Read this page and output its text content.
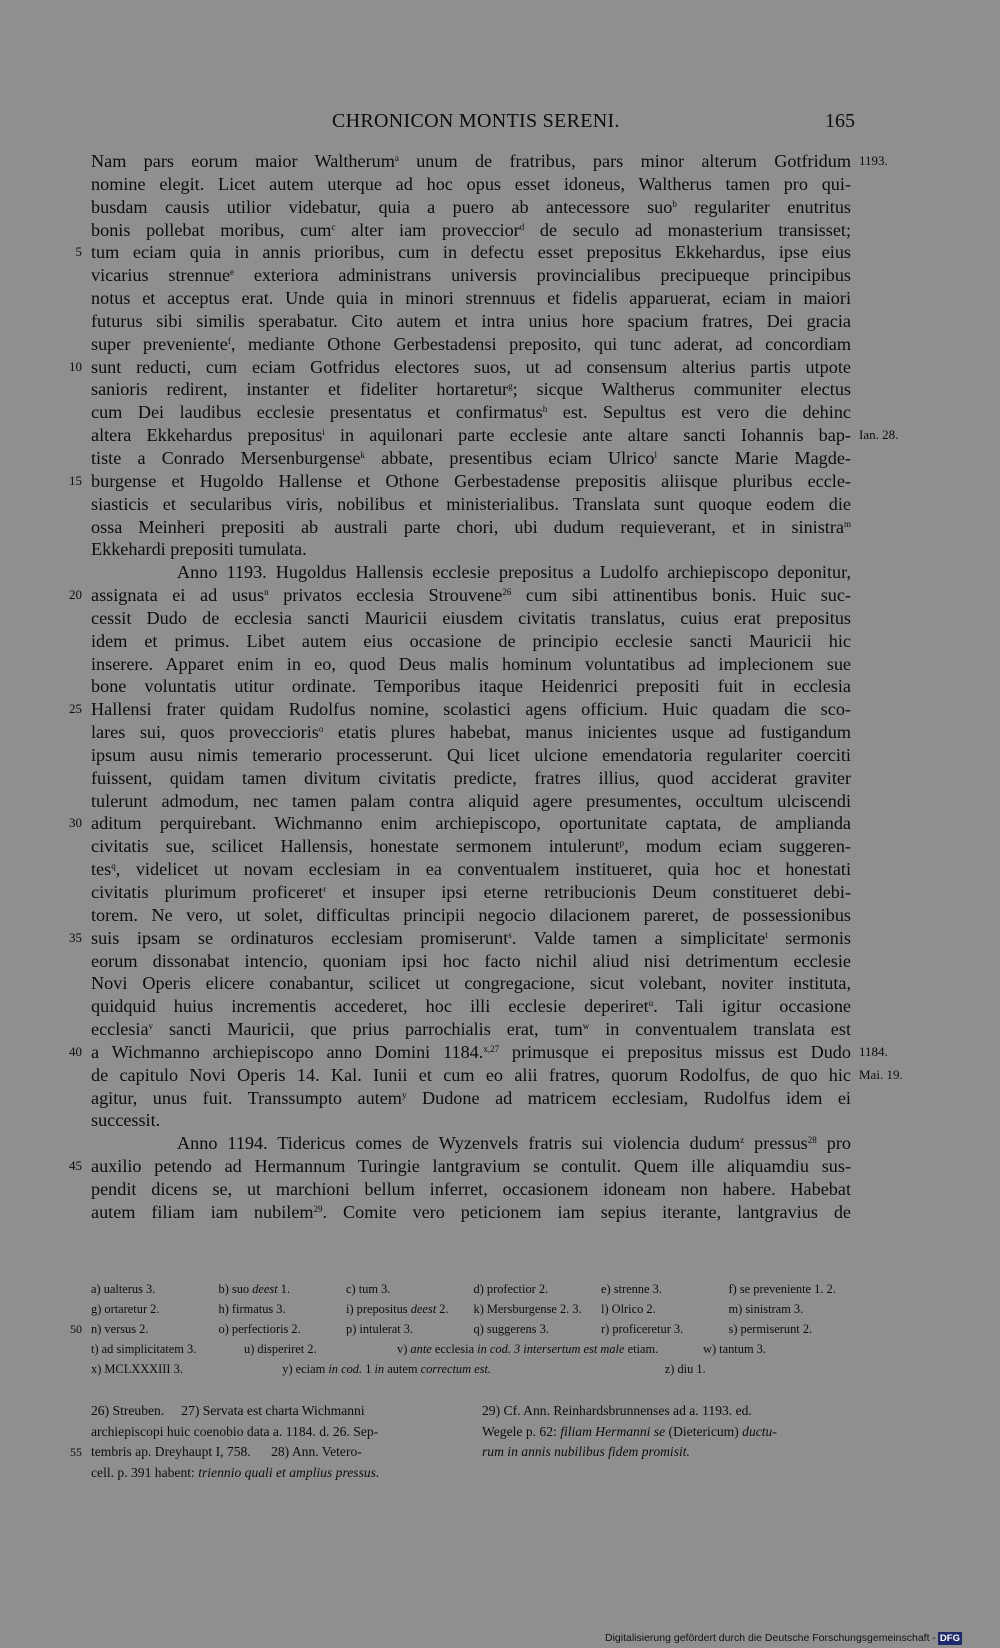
CHRONICON MONTIS SERENI.	165
Nam pars eorum maior Waltherum$^a$ unum de fratribus, pars minor alterum Gotfridum 1193.
nomine elegit. Licet autem uterque ad hoc opus esset idoneus, Waltherus tamen pro qui-
busdam causis utilior videbatur, quia a puero ab antecessore suo$^b$ regulariter enutritus
bonis pollebat moribus, cum$^c$ alter iam proveccior$^d$ de seculo ad monasterium transisset;
tum eciam quia in annis prioribus, cum in defectu esset prepositus Ekkehardus, ipse eius
5
vicarius strennue$^e$ exteriora administrans universis provincialibus precipueque principibus
notus et acceptus erat. Unde quia in minori strennuus et fidelis apparuerat, eciam in maiori
futurus sibi similis sperabatur. Cito autem et intra unius hore spacium fratres, Dei gracia
super preveniente$^f$, mediante Othone Gerbestadensi preposito, qui tunc aderat, ad concordiam
sunt reducti, cum eciam Gotfridus electores suos, ut ad consensum alterius partis utpote
10
sanioris redirent, instanter et fideliter hortaretur$^g$; sicque Waltherus communiter electus
cum Dei laudibus ecclesie presentatus et confirmatus$^h$ est. Sepultus est vero die dehinc
altera Ekkehardus prepositus$^i$ in aquilonari parte ecclesie ante altare sancti Iohannis bap- Ian. 28.
tiste a Conrado Mersenburgense$^k$ abbate, presentibus eciam Ulrico$^l$ sancte Marie Magde-
burgense et Hugoldo Hallense et Othone Gerbestadense prepositis aliisque pluribus eccle-
15
siasticis et secularibus viris, nobilibus et ministerialibus. Translata sunt quoque eodem die
ossa Meinheri prepositi ab australi parte chori, ubi dudum requieverant, et in sinistra$^m$
Ekkehardi prepositi tumulata.
Anno 1193. Hugoldus Hallensis ecclesie prepositus a Ludolfo archiepiscopo deponitur,
assignata ei ad usus$^n$ privatos ecclesia Strouvene$^{26}$ cum sibi attinentibus bonis. Huic suc-
20
cessit Dudo de ecclesia sancti Mauricii eiusdem civitatis translatus, cuius erat prepositus
idem et primus. Libet autem eius occasione de principio ecclesie sancti Mauricii hic
inserere. Apparet enim in eo, quod Deus malis hominum voluntatibus ad implecionem sue
bone voluntatis utitur ordinate. Temporibus itaque Heidenrici prepositi fuit in ecclesia
Hallensi frater quidam Rudolfus nomine, scolastici agens officium. Huic quadam die sco-
25
lares sui, quos proveccioris$^o$ etatis plures habebat, manus inicientes usque ad fustigandum
ipsum ausu nimis temerario processerunt. Qui licet ulcione emendatoria regulariter coerciti
fuissent, quidam tamen divitum civitatis predicte, fratres illius, quod acciderat graviter
tulerunt admodum, nec tamen palam contra aliquid agere presumentes, occultum ulciscendi
aditum perquirebant. Wichmanno enim archiepiscopo, oportunitate captata, de amplianda
30
civitatis sue, scilicet Hallensis, honestate sermonem intulerunt$^p$, modum eciam suggeren-
tes$^q$, videlicet ut novam ecclesiam in ea conventualem institueret, quia hoc et honestati
civitatis plurimum proficeret$^r$ et insuper ipsi eterne retribucionis Deum constitueret debi-
torem. Ne vero, ut solet, difficultas principii negocio dilacionem pareret, de possessionibus
suis ipsam se ordinaturos ecclesiam promiserunt$^s$. Valde tamen a simplicitate$^t$ sermonis
35
eorum dissonabat intencio, quoniam ipsi hoc facto nichil aliud nisi detrimentum ecclesie
Novi Operis elicere conabantur, scilicet ut congregacione, sicut volebant, noviter instituta,
quidquid huius incrementis accederet, hoc illi ecclesie deperiret$^u$. Tali igitur occasione
ecclesia$^v$ sancti Mauricii, que prius parrochialis erat, tum$^w$ in conventualem translata est
a Wichmanno archiepiscopo anno Domini 1184.$^{x,27}$ primusque ei prepositus missus est Dudo
40	1184.
de capitulo Novi Operis 14. Kal. Iunii et cum eo alii fratres, quorum Rodolfus, de quo hic Mai. 19.
agitur, unus fuit. Transsumpto autem$^y$ Dudone ad matricem ecclesiam, Rudolfus idem ei
successit.
Anno 1194. Tidericus comes de Wyzenvels fratris sui violencia dudum$^z$ pressus$^{28}$ pro
auxilio petendo ad Hermannum Turingie lantgravium se contulit. Quem ille aliquamdiu sus-
45
pendit dicens se, ut marchioni bellum inferret, occasionem idoneam non habere. Habebat
autem filiam iam nubilem$^{29}$. Comite vero peticionem iam sepius iterante, lantgravius de
a) ualterus 3.	b) suo deest 1.	c) tum 3.	d) profectior 2.	e) strenne 3.	f) se preveniente 1. 2.
g) ortaretur 2.	h) firmatus 3.	i) prepositus deest 2.	k) Mersburgense 2. 3.	l) Olrico 2.	m) sinistram 3.
n) versus 2.	o) perfectioris 2.	p) intulerat 3.	q) suggerens 3.	r) proficeretur 3.	s) permiserunt 2.
50
t) ad simplicitatem 3.	u) disperiret 2.	v) ante ecclesia in cod. 3 intersertum est male etiam.	w) tantum 3.
x) MCLXXXIII 3.	y) eciam in cod. 1 in autem correctum est.	z) diu 1.
26) Streuben.     27) Servata est charta Wichmanni	29) Cf. Ann. Reinhardsbrunnenses ad a. 1193. ed.
archiepiscopi huic coenobio data a. 1184. d. 26. Sep-	Wegele p. 62: filiam Hermanni se (Dietericum) ductu-
tembris ap. Dreyhaupt I, 758.      28) Ann. Vetero-	rum in annis nubilibus fidem promisit.
55
cell. p. 391 habent: triennio quali et amplius pressus.
Digitalisierung gefördert durch die Deutsche Forschungsgemeinschaft - DFG
